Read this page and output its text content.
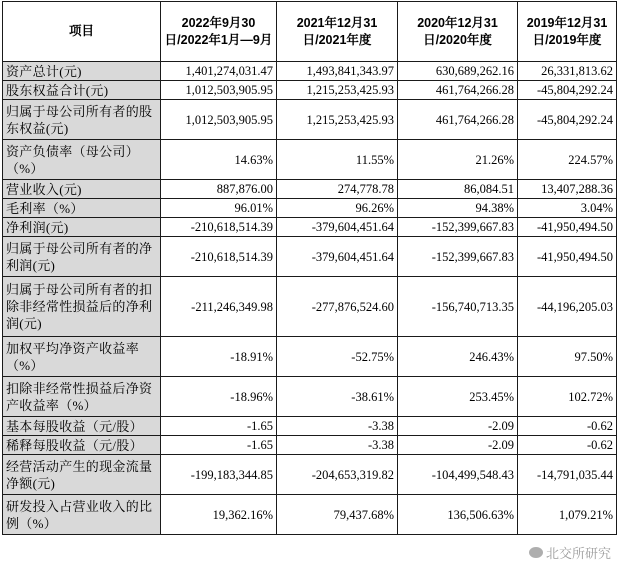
项目	2022年9月30日/2022年1月—9月	2021年12月31日/2021年度	2020年12月31日/2020年度	2019年12月31日/2019年度
资产总计(元)	1,401,274,031.47	1,493,841,343.97	630,689,262.16	26,331,813.62
股东权益合计(元)	1,012,503,905.95	1,215,253,425.93	461,764,266.28	-45,804,292.24
归属于母公司所有者的股东权益(元)	1,012,503,905.95	1,215,253,425.93	461,764,266.28	-45,804,292.24
资产负债率（母公司）（%）	14.63%	11.55%	21.26%	224.57%
营业收入(元)	887,876.00	274,778.78	86,084.51	13,407,288.36
毛利率（%）	96.01%	96.26%	94.38%	3.04%
净利润(元)	-210,618,514.39	-379,604,451.64	-152,399,667.83	-41,950,494.50
归属于母公司所有者的净利润(元)	-210,618,514.39	-379,604,451.64	-152,399,667.83	-41,950,494.50
归属于母公司所有者的扣除非经常性损益后的净利润(元)	-211,246,349.98	-277,876,524.60	-156,740,713.35	-44,196,205.03
加权平均净资产收益率（%）	-18.91%	-52.75%	246.43%	97.50%
扣除非经常性损益后净资产收益率（%）	-18.96%	-38.61%	253.45%	102.72%
基本每股收益（元/股）	-1.65	-3.38	-2.09	-0.62
稀释每股收益（元/股）	-1.65	-3.38	-2.09	-0.62
经营活动产生的现金流量净额(元)	-199,183,344.85	-204,653,319.82	-104,499,548.43	-14,791,035.44
研发投入占营业收入的比例（%）	19,362.16%	79,437.68%	136,506.63%	1,079.21%
北交所研究
@北交所研究
